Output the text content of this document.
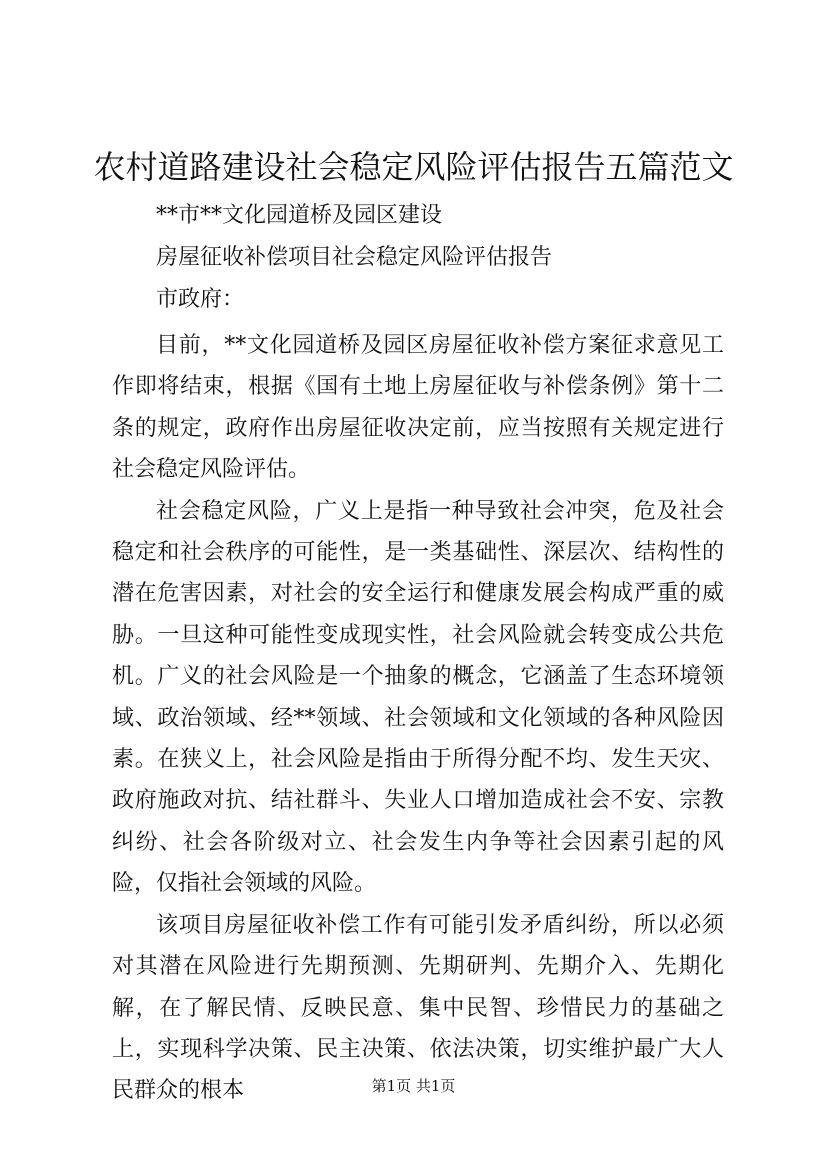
农村道路建设社会稳定风险评估报告五篇范文

**市**文化园道桥及园区建设

房屋征收补偿项目社会稳定风险评估报告

市政府：

目前，**文化园道桥及园区房屋征收补偿方案征求意见工作即将结束，根据《国有土地上房屋征收与补偿条例》第十二条的规定，政府作出房屋征收决定前，应当按照有关规定进行社会稳定风险评估。

社会稳定风险，广义上是指一种导致社会冲突，危及社会稳定和社会秩序的可能性，是一类基础性、深层次、结构性的潜在危害因素，对社会的安全运行和健康发展会构成严重的威胁。一旦这种可能性变成现实性，社会风险就会转变成公共危机。广义的社会风险是一个抽象的概念，它涵盖了生态环境领域、政治领域、经**领域、社会领域和文化领域的各种风险因素。在狭义上，社会风险是指由于所得分配不均、发生天灾、政府施政对抗、结社群斗、失业人口增加造成社会不安、宗教纠纷、社会各阶级对立、社会发生内争等社会因素引起的风险，仅指社会领域的风险。

该项目房屋征收补偿工作有可能引发矛盾纠纷，所以必须对其潜在风险进行先期预测、先期研判、先期介入、先期化解，在了解民情、反映民意、集中民智、珍惜民力的基础之上，实现科学决策、民主决策、依法决策，切实维护最广大人民群众的根本	第1页 共1页
